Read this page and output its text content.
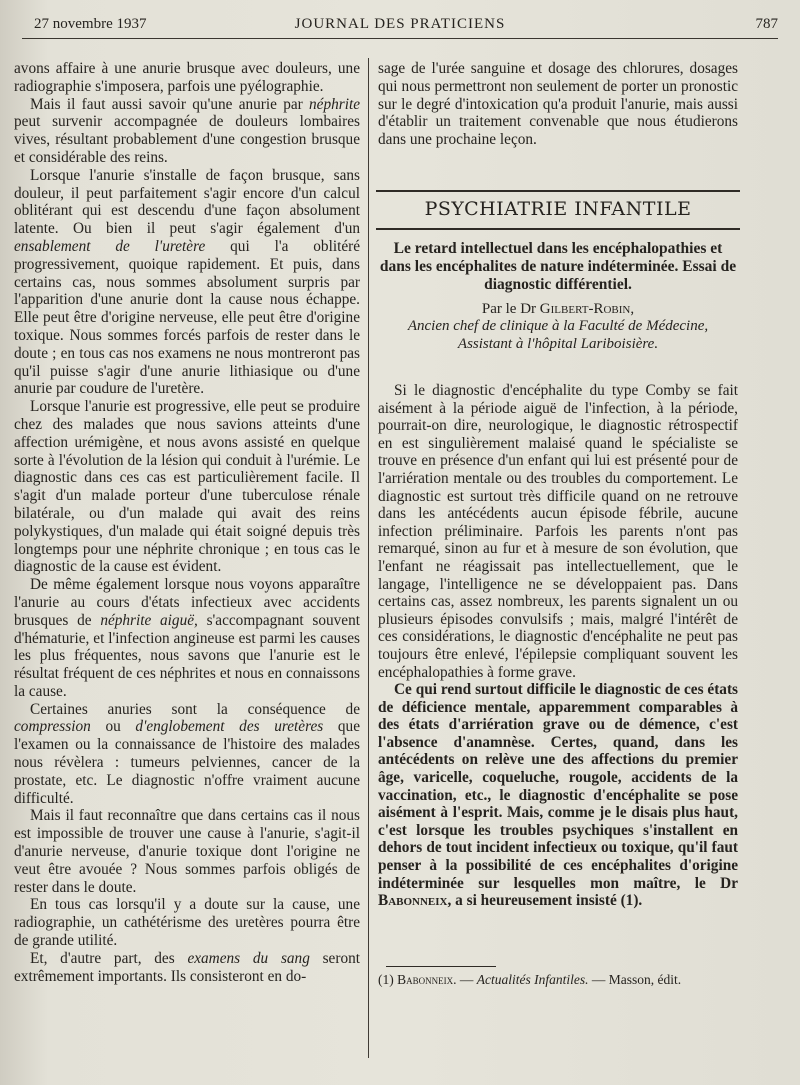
27 novembre 1937	JOURNAL DES PRATICIENS	787

avons affaire à une anurie brusque avec douleurs, une radiographie s'imposera, parfois une pyélographie.

Mais il faut aussi savoir qu'une anurie par néphrite peut survenir accompagnée de douleurs lombaires vives, résultant probablement d'une congestion brusque et considérable des reins.

Lorsque l'anurie s'installe de façon brusque, sans douleur, il peut parfaitement s'agir encore d'un calcul oblitérant qui est descendu d'une façon absolument latente. Ou bien il peut s'agir également d'un ensablement de l'uretère qui l'a oblitéré progressivement, quoique rapidement. Et puis, dans certains cas, nous sommes absolument surpris par l'apparition d'une anurie dont la cause nous échappe. Elle peut être d'origine nerveuse, elle peut être d'origine toxique. Nous sommes forcés parfois de rester dans le doute ; en tous cas nos examens ne nous montreront pas qu'il puisse s'agir d'une anurie lithiasique ou d'une anurie par coudure de l'uretère.

Lorsque l'anurie est progressive, elle peut se produire chez des malades que nous savions atteints d'une affection urémigène, et nous avons assisté en quelque sorte à l'évolution de la lésion qui conduit à l'urémie. Le diagnostic dans ces cas est particulièrement facile. Il s'agit d'un malade porteur d'une tuberculose rénale bilatérale, ou d'un malade qui avait des reins polykystiques, d'un malade qui était soigné depuis très longtemps pour une néphrite chronique ; en tous cas le diagnostic de la cause est évident.

De même également lorsque nous voyons apparaître l'anurie au cours d'états infectieux avec accidents brusques de néphrite aiguë, s'accompagnant souvent d'hématurie, et l'infection angineuse est parmi les causes les plus fréquentes, nous savons que l'anurie est le résultat fréquent de ces néphrites et nous en connaissons la cause.

Certaines anuries sont la conséquence de compression ou d'englobement des uretères que l'examen ou la connaissance de l'histoire des malades nous révèlera : tumeurs pelviennes, cancer de la prostate, etc. Le diagnostic n'offre vraiment aucune difficulté.

Mais il faut reconnaître que dans certains cas il nous est impossible de trouver une cause à l'anurie, s'agit-il d'anurie nerveuse, d'anurie toxique dont l'origine ne veut être avouée ? Nous sommes parfois obligés de rester dans le doute.

En tous cas lorsqu'il y a doute sur la cause, une radiographie, un cathétérisme des uretères pourra être de grande utilité.

Et, d'autre part, des examens du sang seront extrêmement importants. Ils consisteront en do-

sage de l'urée sanguine et dosage des chlorures, dosages qui nous permettront non seulement de porter un pronostic sur le degré d'intoxication qu'a produit l'anurie, mais aussi d'établir un traitement convenable que nous étudierons dans une prochaine leçon.

PSYCHIATRIE INFANTILE
Le retard intellectuel dans les encéphalopathies et dans les encéphalites de nature indéterminée. Essai de diagnostic différentiel.
Par le Dr Gilbert-Robin,
Ancien chef de clinique à la Faculté de Médecine,
Assistant à l'hôpital Lariboisière.

Si le diagnostic d'encéphalite du type Comby se fait aisément à la période aiguë de l'infection, à la période, pourrait-on dire, neurologique, le diagnostic rétrospectif en est singulièrement malaisé quand le spécialiste se trouve en présence d'un enfant qui lui est présenté pour de l'arriération mentale ou des troubles du comportement. Le diagnostic est surtout très difficile quand on ne retrouve dans les antécédents aucun épisode fébrile, aucune infection préliminaire. Parfois les parents n'ont pas remarqué, sinon au fur et à mesure de son évolution, que l'enfant ne réagissait pas intellectuellement, que le langage, l'intelligence ne se développaient pas. Dans certains cas, assez nombreux, les parents signalent un ou plusieurs épisodes convulsifs ; mais, malgré l'intérêt de ces considérations, le diagnostic d'encéphalite ne peut pas toujours être enlevé, l'épilepsie compliquant souvent les encéphalopathies à forme grave.

Ce qui rend surtout difficile le diagnostic de ces états de déficience mentale, apparemment comparables à des états d'arriération grave ou de démence, c'est l'absence d'anamnèse. Certes, quand, dans les antécédents on relève une des affections du premier âge, varicelle, coqueluche, rougole, accidents de la vaccination, etc., le diagnostic d'encéphalite se pose aisément à l'esprit. Mais, comme je le disais plus haut, c'est lorsque les troubles psychiques s'installent en dehors de tout incident infectieux ou toxique, qu'il faut penser à la possibilité de ces encéphalites d'origine indéterminée sur lesquelles mon maître, le Dr Babonneix, a si heureusement insisté (1).

(1) Babonneix. — Actualités Infantiles. — Masson, édit.
